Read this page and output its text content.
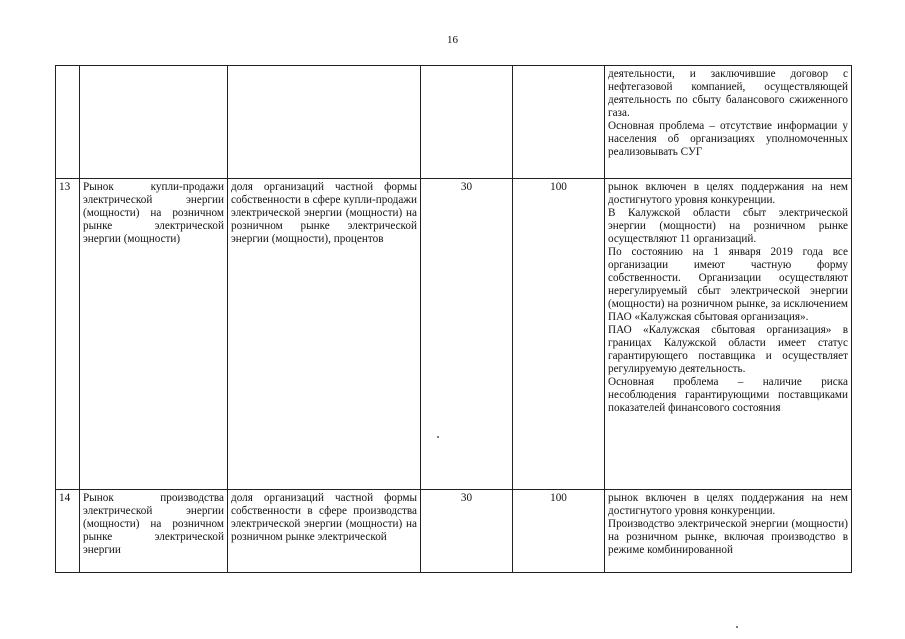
16

					деятельности, и заключившие договор с нефтегазовой компанией, осуществляющей деятельность по сбыту балансового сжиженного газа.
Основная проблема – отсутствие информации у населения об организациях уполномоченных реализовывать СУГ

13	Рынок купли-продажи электрической энергии (мощности) на розничном рынке электрической энергии (мощности)	доля организаций частной формы собственности в сфере купли-продажи электрической энергии (мощности) на розничном рынке электрической энергии (мощности), процентов	30	100	рынок включен в целях поддержания на нем достигнутого уровня конкуренции.
В Калужской области сбыт электрической энергии (мощности) на розничном рынке осуществляют 11 организаций.
По состоянию на 1 января 2019 года все организации имеют частную форму собственности. Организации осуществляют нерегулируемый сбыт электрической энергии (мощности) на розничном рынке, за исключением ПАО «Калужская сбытовая организация».
ПАО «Калужская сбытовая организация» в границах Калужской области имеет статус гарантирующего поставщика и осуществляет регулируемую деятельность.
Основная проблема – наличие риска несоблюдения гарантирующими поставщиками показателей финансового состояния

14	Рынок производства электрической энергии (мощности) на розничном рынке электрической энергии	доля организаций частной формы собственности в сфере производства электрической энергии (мощности) на розничном рынке электрической	30	100	рынок включен в целях поддержания на нем достигнутого уровня конкуренции.
Производство электрической энергии (мощности) на розничном рынке, включая производство в режиме комбинированной
